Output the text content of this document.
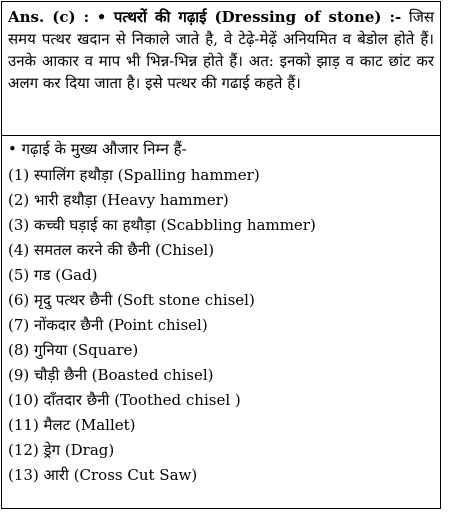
Ans. (c) : • पत्थरों की गढ़ाई (Dressing of stone) :- जिस समय पत्थर खदान से निकाले जाते है, वे टेढ़े-मेढ़ें अनियमित व बेडोल होते हैं। उनके आकार व माप भी भिन्न-भिन्न होते हैं। अत: इनको झाड़ व काट छांट कर अलग कर दिया जाता है। इसे पत्थर की गढाई कहते हैं।
• गढ़ाई के मुख्य औजार निम्न हैं-
(1) स्पालिंग हथौड़ा (Spalling hammer)
(2) भारी हथौड़ा (Heavy hammer)
(3) कच्ची घड़ाई का हथौड़ा (Scabbling hammer)
(4) समतल करने की छैनी (Chisel)
(5) गड (Gad)
(6) मृदु पत्थर छैनी (Soft stone chisel)
(7) नोंकदार छैनी (Point chisel)
(8) गुनिया (Square)
(9) चौड़ी छैनी (Boasted chisel)
(10) दाँतदार छैनी (Toothed chisel )
(11) मैलट (Mallet)
(12) ड्रेग (Drag)
(13) आरी (Cross Cut Saw)
